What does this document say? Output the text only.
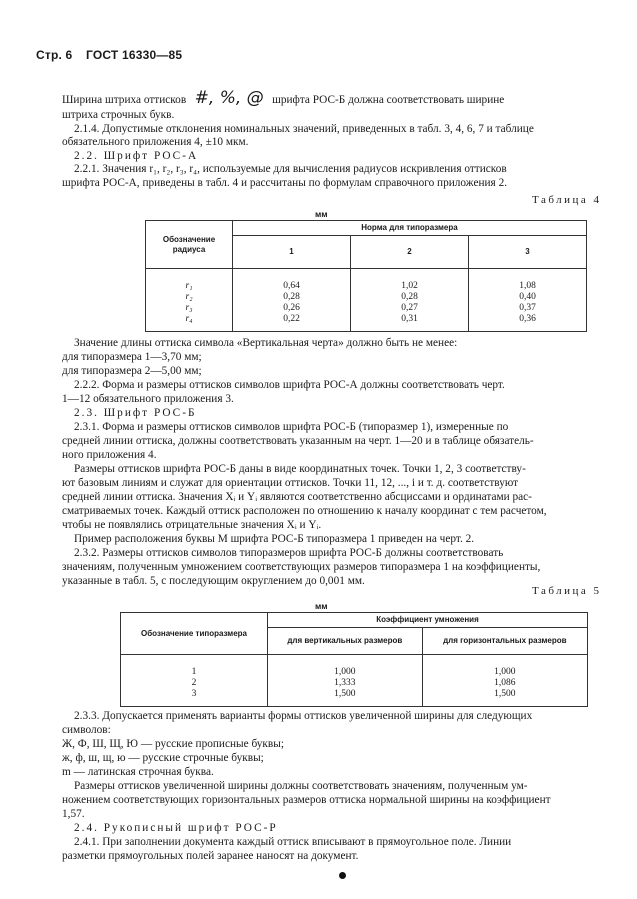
Стр. 6 ГОСТ 16330—85
Ширина штриха оттисков #, %, @ шрифта РОС-Б должна соответствовать ширине
штриха строчных букв.
2.1.4. Допустимые отклонения номинальных значений, приведенных в табл. 3, 4, 6, 7 и таблице
обязательного приложения 4, ±10 мкм.
2.2. Шрифт РОС-А
2.2.1. Значения r₁, r₂, r₃, r₄, используемые для вычисления радиусов искривления оттисков
шрифта РОС-А, приведены в табл. 4 и рассчитаны по формулам справочного приложения 2.
Таблица 4
мм
Обозначение радиуса	Норма для типоразмера		
	1	2	3

r₁	0,64	1,02	1,08
r₂	0,28	0,28	0,40
r₃	0,26	0,27	0,37
r₄	0,22	0,31	0,36
Значение длины оттиска символа «Вертикальная черта» должно быть не менее:
для типоразмера 1—3,70 мм;
для типоразмера 2—5,00 мм;
2.2.2. Форма и размеры оттисков символов шрифта РОС-А должны соответствовать черт.
1—12 обязательного приложения 3.
2.3. Шрифт РОС-Б
2.3.1. Форма и размеры оттисков символов шрифта РОС-Б (типоразмер 1), измеренные по
средней линии оттиска, должны соответствовать указанным на черт. 1—20 и в таблице обязатель-
ного приложения 4.
Размеры оттисков шрифта РОС-Б даны в виде координатных точек. Точки 1, 2, 3 соответству-
ют базовым линиям и служат для ориентации оттисков. Точки 11, 12, ..., i и т. д. соответствуют
средней линии оттиска. Значения Xᵢ и Yᵢ являются соответственно абсциссами и ординатами рас-
сматриваемых точек. Каждый оттиск расположен по отношению к началу координат с тем расчетом,
чтобы не появлялись отрицательные значения Xᵢ и Yᵢ.
Пример расположения буквы М шрифта РОС-Б типоразмера 1 приведен на черт. 2.
2.3.2. Размеры оттисков символов типоразмеров шрифта РОС-Б должны соответствовать
значениям, полученным умножением соответствующих размеров типоразмера 1 на коэффициенты,
указанные в табл. 5, с последующим округлением до 0,001 мм.
Таблица 5
мм
Обозначение типоразмера	Коэффициент умножения	
	для вертикальных размеров	для горизонтальных размеров

1	1,000	1,000
2	1,333	1,086
3	1,500	1,500
2.3.3. Допускается применять варианты формы оттисков увеличенной ширины для следующих
символов:
Ж, Ф, Ш, Щ, Ю — русские прописные буквы;
ж, ф, ш, щ, ю — русские строчные буквы;
m — латинская строчная буква.
Размеры оттисков увеличенной ширины должны соответствовать значениям, полученным ум-
ножением соответствующих горизонтальных размеров оттиска нормальной ширины на коэффициент
1,57.
2.4. Рукописный шрифт РОС-Р
2.4.1. При заполнении документа каждый оттиск вписывают в прямоугольное поле. Линии
разметки прямоугольных полей заранее наносят на документ.
